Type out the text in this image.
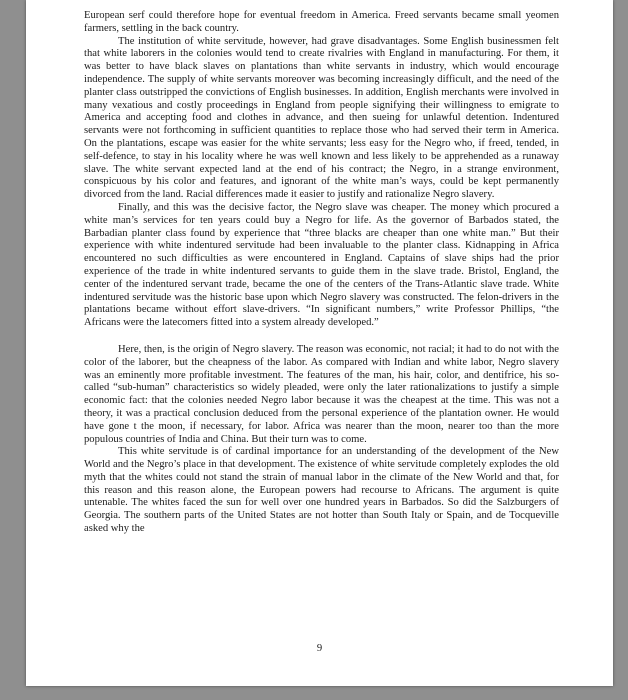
European serf could therefore hope for eventual freedom in America. Freed servants became small yeomen farmers, settling in the back country.

The institution of white servitude, however, had grave disadvantages. Some English businessmen felt that white laborers in the colonies would tend to create rivalries with England in manufacturing. For them, it was better to have black slaves on plantations than white servants in industry, which would encourage independence. The supply of white servants moreover was becoming increasingly difficult, and the need of the planter class outstripped the convictions of English businesses. In addition, English merchants were involved in many vexatious and costly proceedings in England from people signifying their willingness to emigrate to America and accepting food and clothes in advance, and then sueing for unlawful detention. Indentured servants were not forthcoming in sufficient quantities to replace those who had served their term in America. On the plantations, escape was easier for the white servants; less easy for the Negro who, if freed, tended, in self-defence, to stay in his locality where he was well known and less likely to be apprehended as a runaway slave. The white servant expected land at the end of his contract; the Negro, in a strange environment, conspicuous by his color and features, and ignorant of the white man’s ways, could be kept permanently divorced from the land. Racial differences made it easier to justify and rationalize Negro slavery.

Finally, and this was the decisive factor, the Negro slave was cheaper. The money which procured a white man’s services for ten years could buy a Negro for life. As the governor of Barbados stated, the Barbadian planter class found by experience that “three blacks are cheaper than one white man.” But their experience with white indentured servitude had been invaluable to the planter class. Kidnapping in Africa encountered no such difficulties as were encountered in England. Captains of slave ships had the prior experience of the trade in white indentured servants to guide them in the slave trade. Bristol, England, the center of the indentured servant trade, became the one of the centers of the Trans-Atlantic slave trade. White indentured servitude was the historic base upon which Negro slavery was constructed. The felon-drivers in the plantations became without effort slave-drivers. “In significant numbers,” write Professor Phillips, “the Africans were the latecomers fitted into a system already developed.”

Here, then, is the origin of Negro slavery. The reason was economic, not racial; it had to do not with the color of the laborer, but the cheapness of the labor. As compared with Indian and white labor, Negro slavery was an eminently more profitable investment. The features of the man, his hair, color, and dentifrice, his so-called “sub-human” characteristics so widely pleaded, were only the later rationalizations to justify a simple economic fact: that the colonies needed Negro labor because it was the cheapest at the time. This was not a theory, it was a practical conclusion deduced from the personal experience of the plantation owner. He would have gone t the moon, if necessary, for labor. Africa was nearer than the moon, nearer too than the more populous countries of India and China. But their turn was to come.

This white servitude is of cardinal importance for an understanding of the development of the New World and the Negro’s place in that development. The existence of white servitude completely explodes the old myth that the whites could not stand the strain of manual labor in the climate of the New World and that, for this reason and this reason alone, the European powers had recourse to Africans. The argument is quite untenable. The whites faced the sun for well over one hundred years in Barbados. So did the Salzburgers of Georgia. The southern parts of the United States are not hotter than South Italy or Spain, and de Tocqueville asked why the

9
